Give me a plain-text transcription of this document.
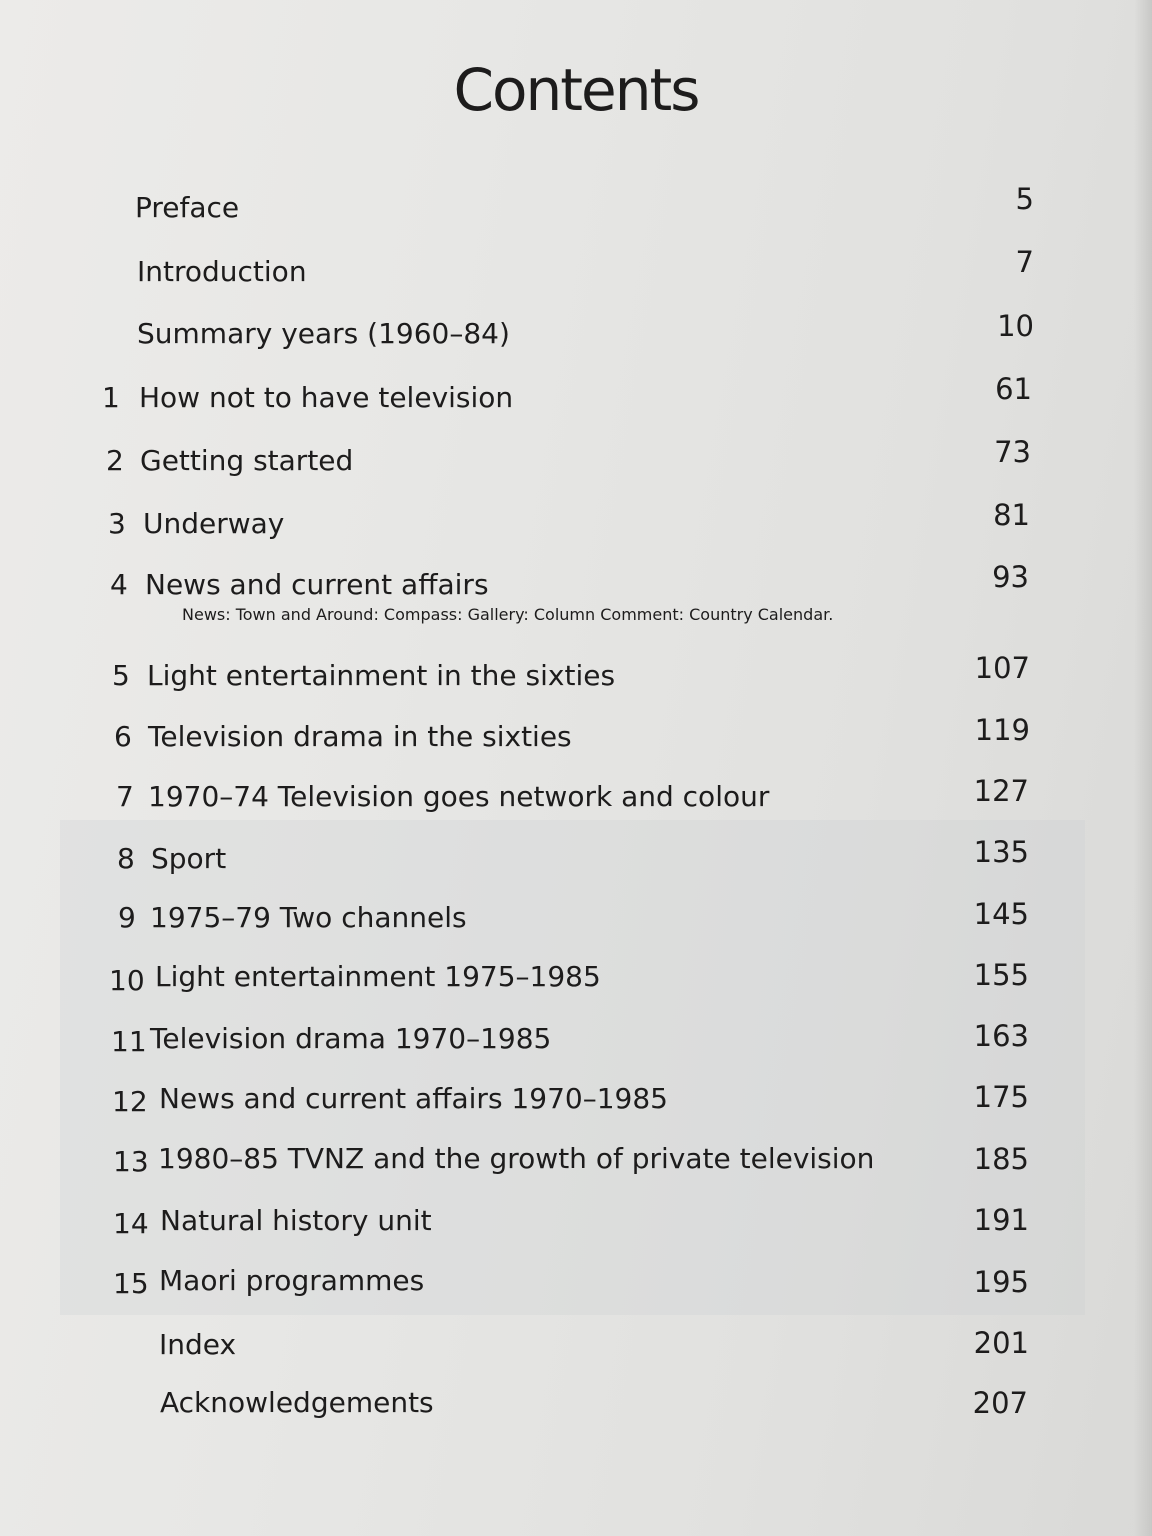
Contents
Preface	5
Introduction	7
Summary years (1960–84)	10
1 How not to have television	61
2 Getting started	73
3 Underway	81
4 News and current affairs	93
News: Town and Around: Compass: Gallery: Column Comment: Country Calendar.
5 Light entertainment in the sixties	107
6 Television drama in the sixties	119
7 1970–74 Television goes network and colour	127
8 Sport	135
9 1975–79 Two channels	145
10 Light entertainment 1975–1985	155
11 Television drama 1970–1985	163
12 News and current affairs 1970–1985	175
13 1980–85 TVNZ and the growth of private television	185
14 Natural history unit	191
15 Maori programmes	195
Index	201
Acknowledgements	207
